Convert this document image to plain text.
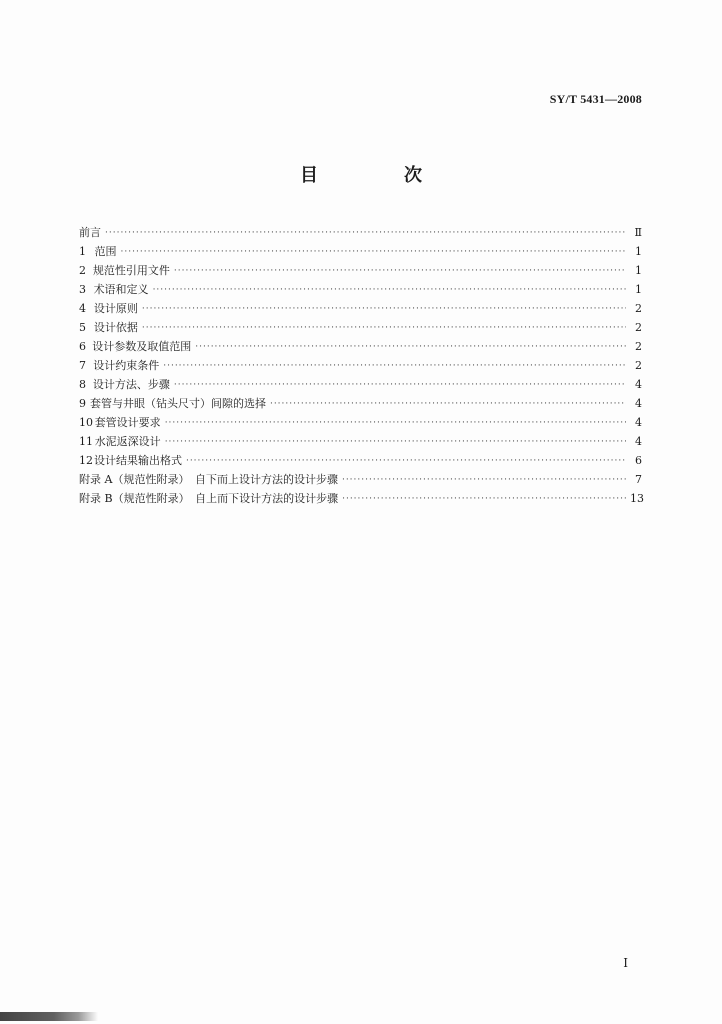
SY/T 5431—2008
目　次
前言 ·····	Ⅱ
1 范围 ·····	1
2 规范性引用文件 ·····	1
3 术语和定义 ·····	1
4 设计原则 ·····	2
5 设计依据 ·····	2
6 设计参数及取值范围 ·····	2
7 设计约束条件 ·····	2
8 设计方法、步骤 ·····	4
9 套管与井眼（钻头尺寸）间隙的选择 ·····	4
10 套管设计要求 ·····	4
11 水泥返深设计 ·····	4
12 设计结果输出格式 ·····	6
附录 A（规范性附录）　自下而上设计方法的设计步骤 ·····	7
附录 B（规范性附录）　自上而下设计方法的设计步骤 ·····	13
Ⅰ
